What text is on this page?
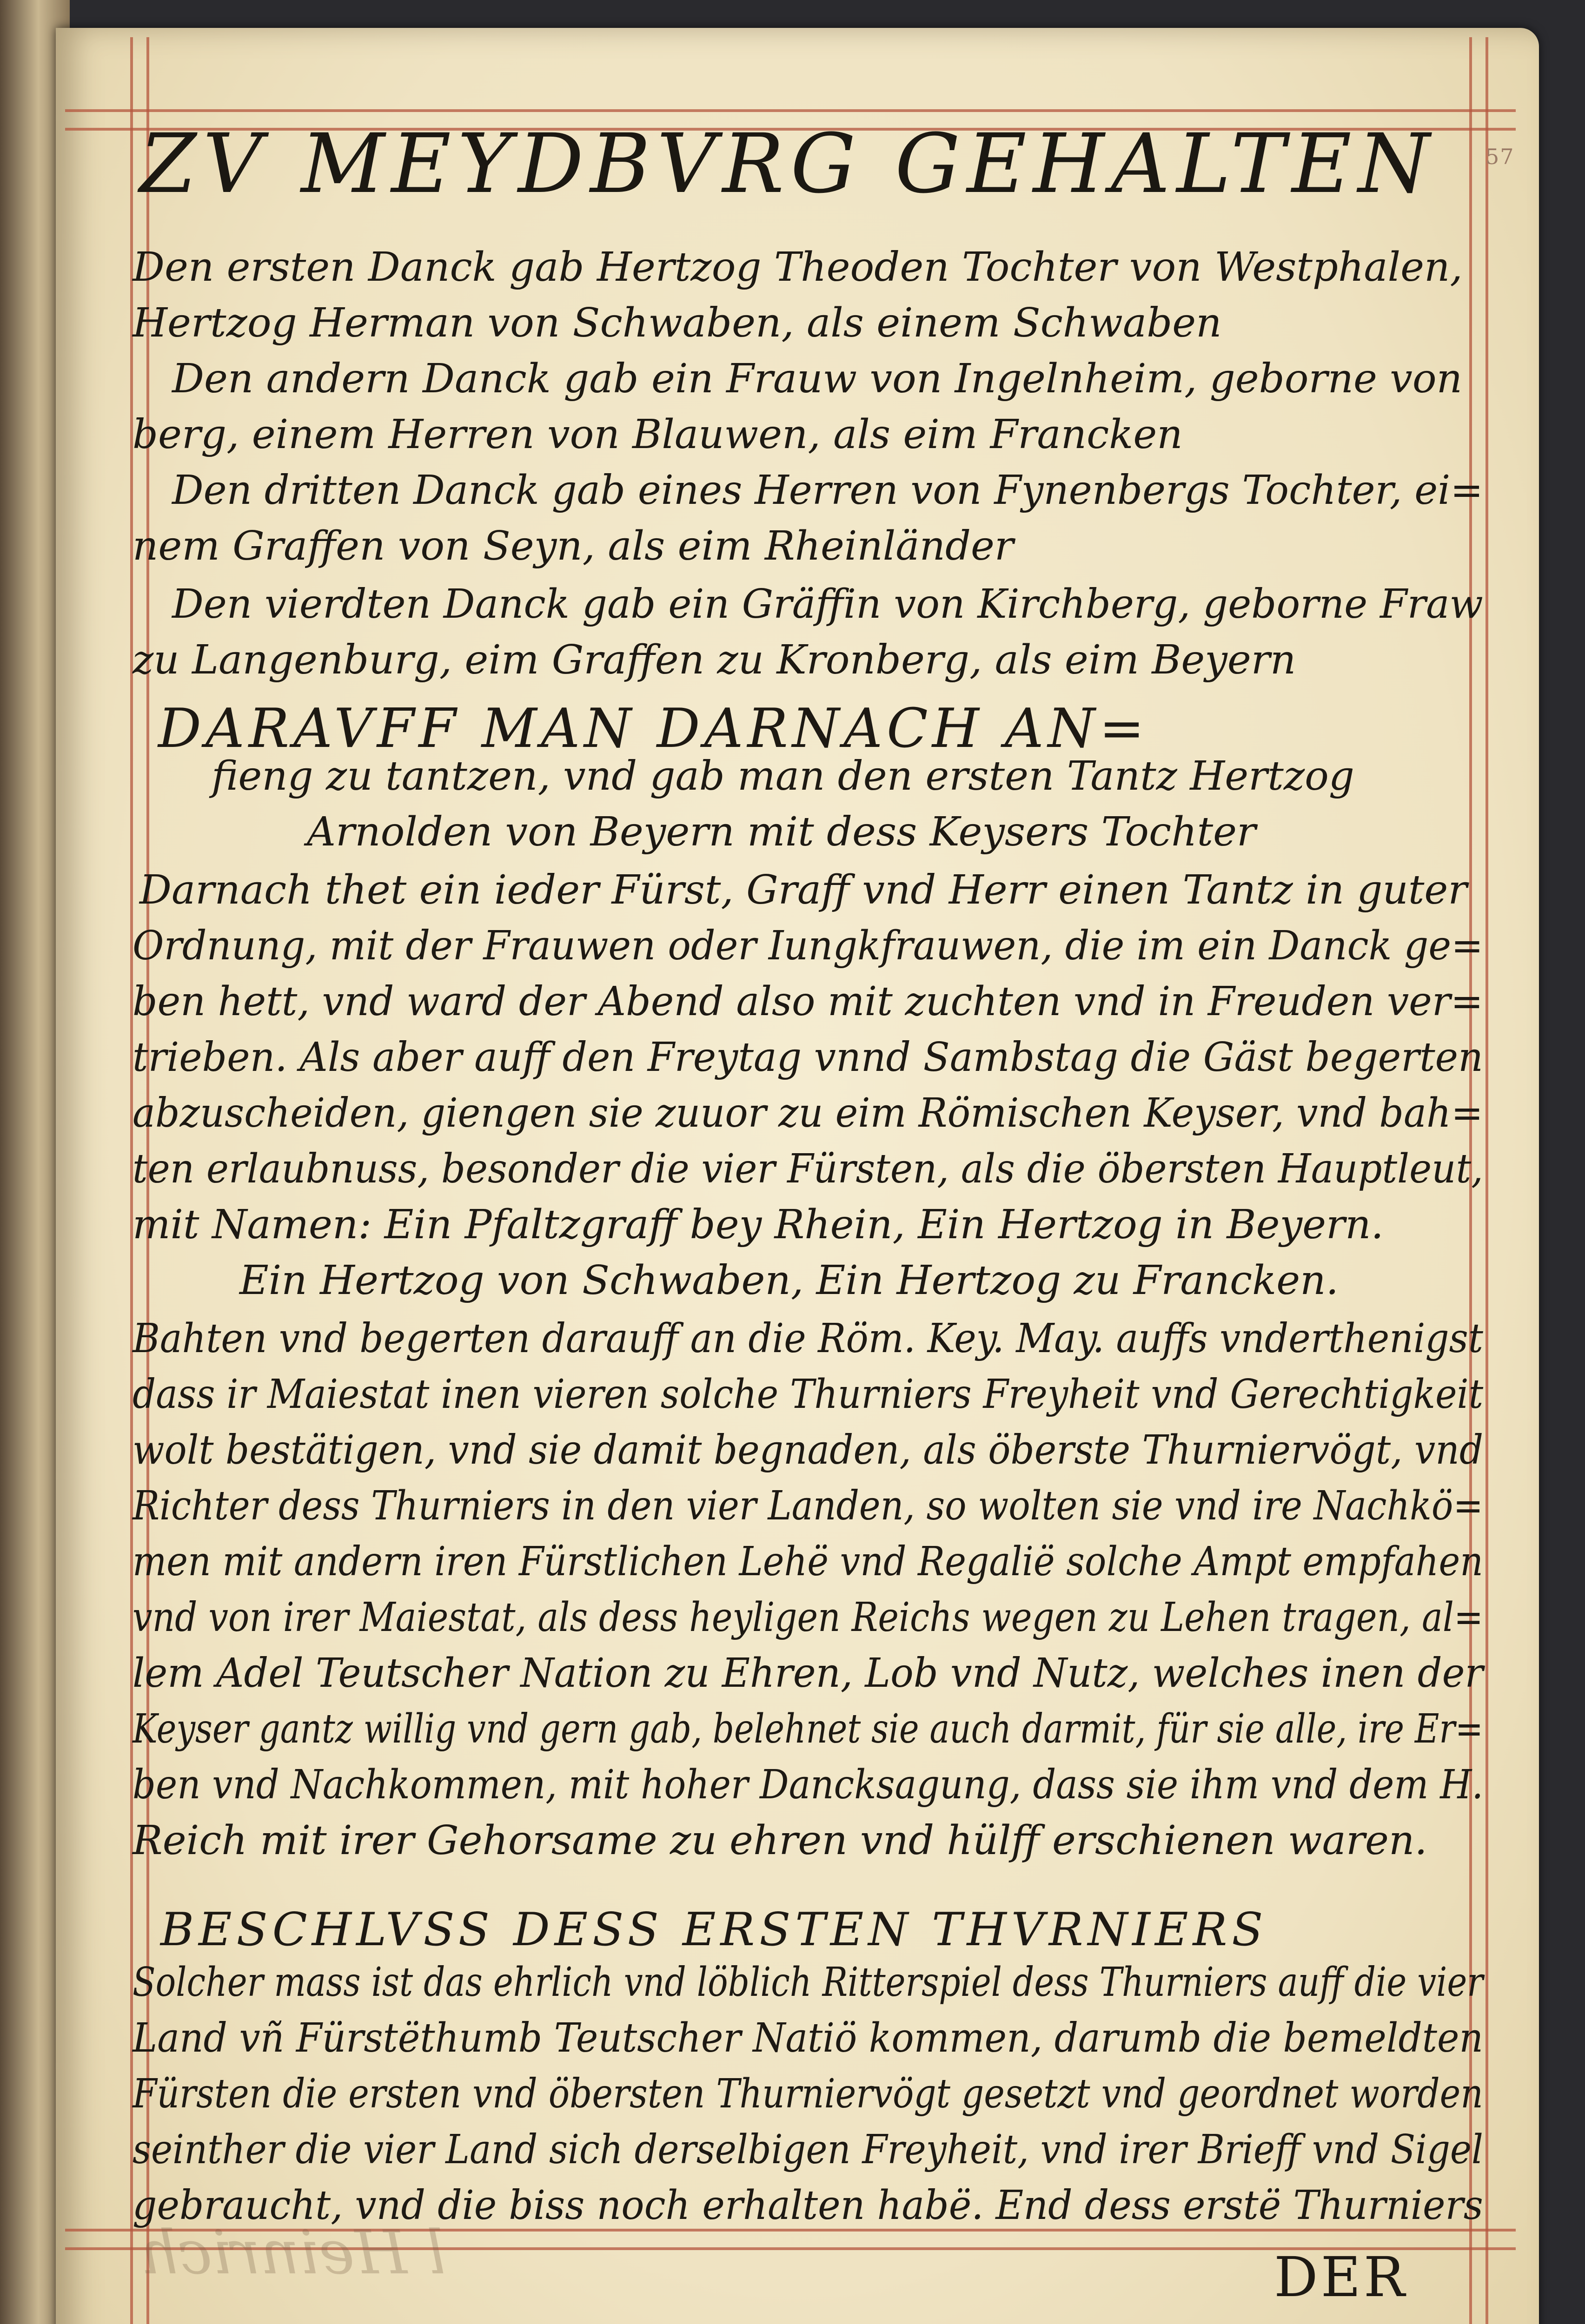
57
ZV MEYDBVRG GEHALTEN
Den ersten Danck gab Hertzog Theoden Tochter von Westphalen,
Hertzog Herman von Schwaben, als einem Schwaben
Den andern Danck gab ein Frauw von Ingelnheim, geborne von
berg, einem Herren von Blauwen, als eim Francken
Den dritten Danck gab eines Herren von Fynenbergs Tochter, ei=
nem Graffen von Seyn, als eim Rheinländer
Den vierdten Danck gab ein Gräffin von Kirchberg, geborne Fraw
zu Langenburg, eim Graffen zu Kronberg, als eim Beyern
DARAVFF MAN DARNACH AN=
fieng zu tantzen, vnd gab man den ersten Tantz Hertzog
Arnolden von Beyern mit dess Keysers Tochter
Darnach thet ein ieder Fürst, Graff vnd Herr einen Tantz in guter
Ordnung, mit der Frauwen oder Iungkfrauwen, die im ein Danck ge=
ben hett, vnd ward der Abend also mit zuchten vnd in Freuden ver=
trieben. Als aber auff den Freytag vnnd Sambstag die Gäst begerten
abzuscheiden, giengen sie zuuor zu eim Römischen Keyser, vnd bah=
ten erlaubnuss, besonder die vier Fürsten, als die öbersten Hauptleut,
mit Namen: Ein Pfaltzgraff bey Rhein, Ein Hertzog in Beyern.
Ein Hertzog von Schwaben, Ein Hertzog zu Francken.
Bahten vnd begerten darauff an die Röm. Key. May. auffs vnderthenigst
dass ir Maiestat inen vieren solche Thurniers Freyheit vnd Gerechtigkeit
wolt bestätigen, vnd sie damit begnaden, als öberste Thurniervögt, vnd
Richter dess Thurniers in den vier Landen, so wolten sie vnd ire Nachkö=
men mit andern iren Fürstlichen Lehë vnd Regalië solche Ampt empfahen
vnd von irer Maiestat, als dess heyligen Reichs wegen zu Lehen tragen, al=
lem Adel Teutscher Nation zu Ehren, Lob vnd Nutz, welches inen der
Keyser gantz willig vnd gern gab, belehnet sie auch darmit, für sie alle, ire Er=
ben vnd Nachkommen, mit hoher Dancksagung, dass sie ihm vnd dem H.
Reich mit irer Gehorsame zu ehren vnd hülff erschienen waren.
BESCHLVSS DESS ERSTEN THVRNIERS
Solcher mass ist das ehrlich vnd löblich Ritterspiel dess Thurniers auff die vier
Land vñ Fürstëthumb Teutscher Natiö kommen, darumb die bemeldten
Fürsten die ersten vnd öbersten Thurniervögt gesetzt vnd geordnet worden
seinther die vier Land sich derselbigen Freyheit, vnd irer Brieff vnd Sigel
gebraucht, vnd die biss noch erhalten habë. End dess erstë Thurniers
DER
l Heinrich
